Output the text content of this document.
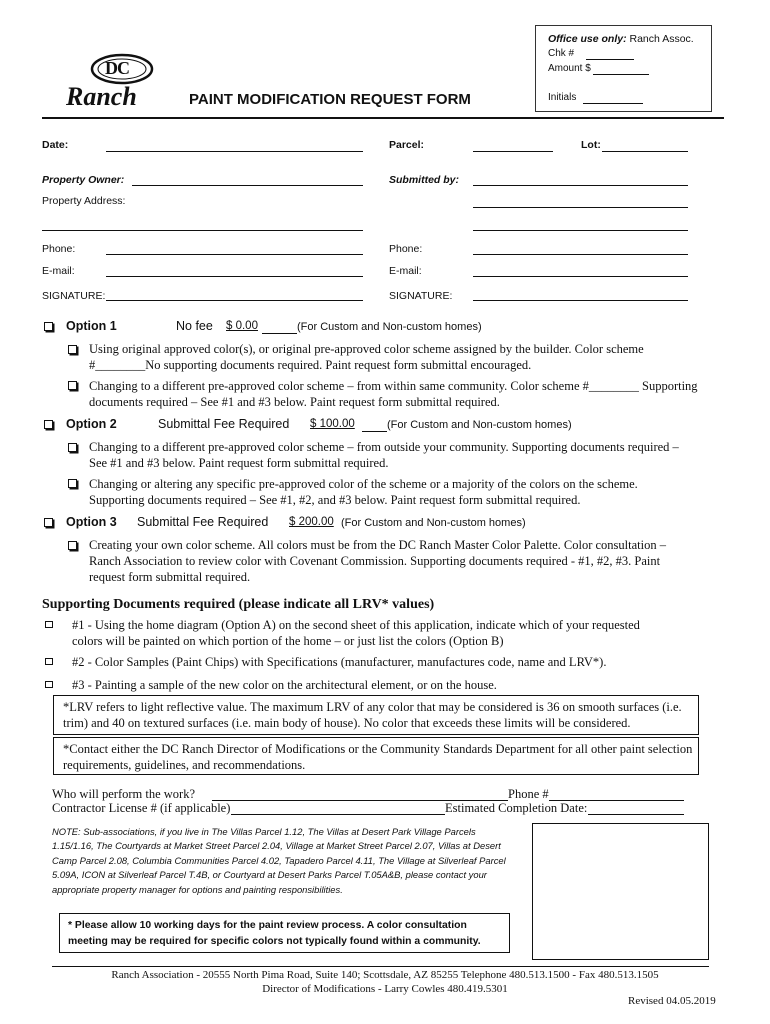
DC
Ranch	PAINT MODIFICATION REQUEST FORM
Office use only: Ranch Assoc.
Chk #
Amount $
Initials
Date:	Parcel:	Lot:
Property Owner:	Submitted by:
Property Address:
Phone:	Phone:
E-mail:	E-mail:
SIGNATURE:	SIGNATURE:
Option 1	No fee $ 0.00	(For Custom and Non-custom homes)
Using original approved color(s), or original pre-approved color scheme assigned by the builder. Color scheme #________No supporting documents required. Paint request form submittal encouraged.
Changing to a different pre-approved color scheme – from within same community. Color scheme #________ Supporting documents required – See #1 and #3 below. Paint request form submittal required.
Option 2	Submittal Fee Required $ 100.00	(For Custom and Non-custom homes)
Changing to a different pre-approved color scheme – from outside your community. Supporting documents required – See #1 and #3 below. Paint request form submittal required.
Changing or altering any specific pre-approved color of the scheme or a majority of the colors on the scheme. Supporting documents required – See #1, #2, and #3 below. Paint request form submittal required.
Option 3 Submittal Fee Required $ 200.00 (For Custom and Non-custom homes)
Creating your own color scheme. All colors must be from the DC Ranch Master Color Palette. Color consultation – Ranch Association to review color with Covenant Commission. Supporting documents required - #1, #2, #3. Paint request form submittal required.
Supporting Documents required (please indicate all LRV* values)
#1 - Using the home diagram (Option A) on the second sheet of this application, indicate which of your requested colors will be painted on which portion of the home – or just list the colors (Option B)
#2 - Color Samples (Paint Chips) with Specifications (manufacturer, manufactures code, name and LRV*).
#3 - Painting a sample of the new color on the architectural element, or on the house.
*LRV refers to light reflective value. The maximum LRV of any color that may be considered is 36 on smooth surfaces (i.e. trim) and 40 on textured surfaces (i.e. main body of house). No color that exceeds these limits will be considered.
*Contact either the DC Ranch Director of Modifications or the Community Standards Department for all other paint selection requirements, guidelines, and recommendations.
Who will perform the work?	Phone #
Contractor License # (if applicable)	Estimated Completion Date:
NOTE: Sub-associations, if you live in The Villas Parcel 1.12, The Villas at Desert Park Village Parcels 1.15/1.16, The Courtyards at Market Street Parcel 2.04, Village at Market Street Parcel 2.07, Villas at Desert Camp Parcel 2.08, Columbia Communities Parcel 4.02, Tapadero Parcel 4.11, The Village at Silverleaf Parcel 5.09A, ICON at Silverleaf Parcel T.4B, or Courtyard at Desert Parks Parcel T.05A&B, please contact your appropriate property manager for options and painting responsibilities.
* Please allow 10 working days for the paint review process. A color consultation meeting may be required for specific colors not typically found within a community.
Ranch Association - 20555 North Pima Road, Suite 140; Scottsdale, AZ 85255 Telephone 480.513.1500 - Fax 480.513.1505
Director of Modifications - Larry Cowles 480.419.5301
Revised 04.05.2019
